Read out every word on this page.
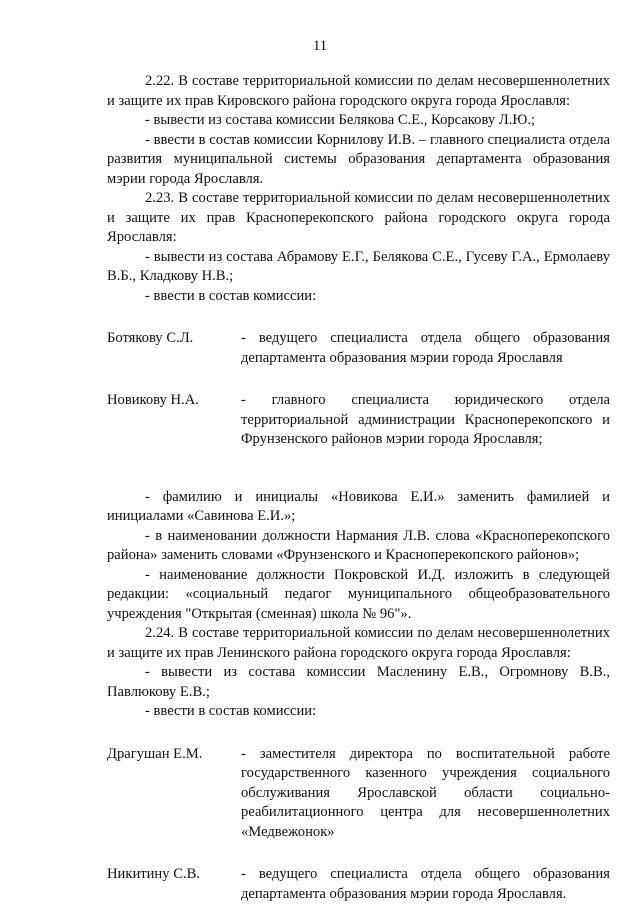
11

2.22. В составе территориальной комиссии по делам несовершеннолетних и защите их прав Кировского района городского округа города Ярославля:

- вывести из состава комиссии Белякова С.Е., Корсакову Л.Ю.;

- ввести в состав комиссии Корнилову И.В. – главного специалиста отдела развития муниципальной системы образования департамента образования мэрии города Ярославля.

2.23. В составе территориальной комиссии по делам несовершеннолетних и защите их прав Красноперекопского района городского округа города Ярославля:

- вывести из состава Абрамову Е.Г., Белякова С.Е., Гусеву Г.А., Ермолаеву В.Б., Кладкову Н.В.;

- ввести в состав комиссии:

Ботякову С.Л.	- ведущего специалиста отдела общего образования департамента образования мэрии города Ярославля
Новикову Н.А.	- главного специалиста юридического отдела территориальной администрации Красноперекопского и Фрунзенского районов мэрии города Ярославля;

- фамилию и инициалы «Новикова Е.И.» заменить фамилией и инициалами «Савинова Е.И.»;

- в наименовании должности Нармания Л.В. слова «Красноперекопского района» заменить словами «Фрунзенского и Красноперекопского районов»;

- наименование должности Покровской И.Д. изложить в следующей редакции: «социальный педагог муниципального общеобразовательного учреждения "Открытая (сменная) школа № 96"».

2.24. В составе территориальной комиссии по делам несовершеннолетних и защите их прав Ленинского района городского округа города Ярославля:

- вывести из состава комиссии Масленину Е.В., Огромнову В.В., Павлюкову Е.В.;

- ввести в состав комиссии:

Драгушан Е.М.	- заместителя директора по воспитательной работе государственного казенного учреждения социального обслуживания Ярославской области социально-реабилитационного центра для несовершеннолетних «Медвежонок»
Никитину С.В.	- ведущего специалиста отдела общего образования департамента образования мэрии города Ярославля.
